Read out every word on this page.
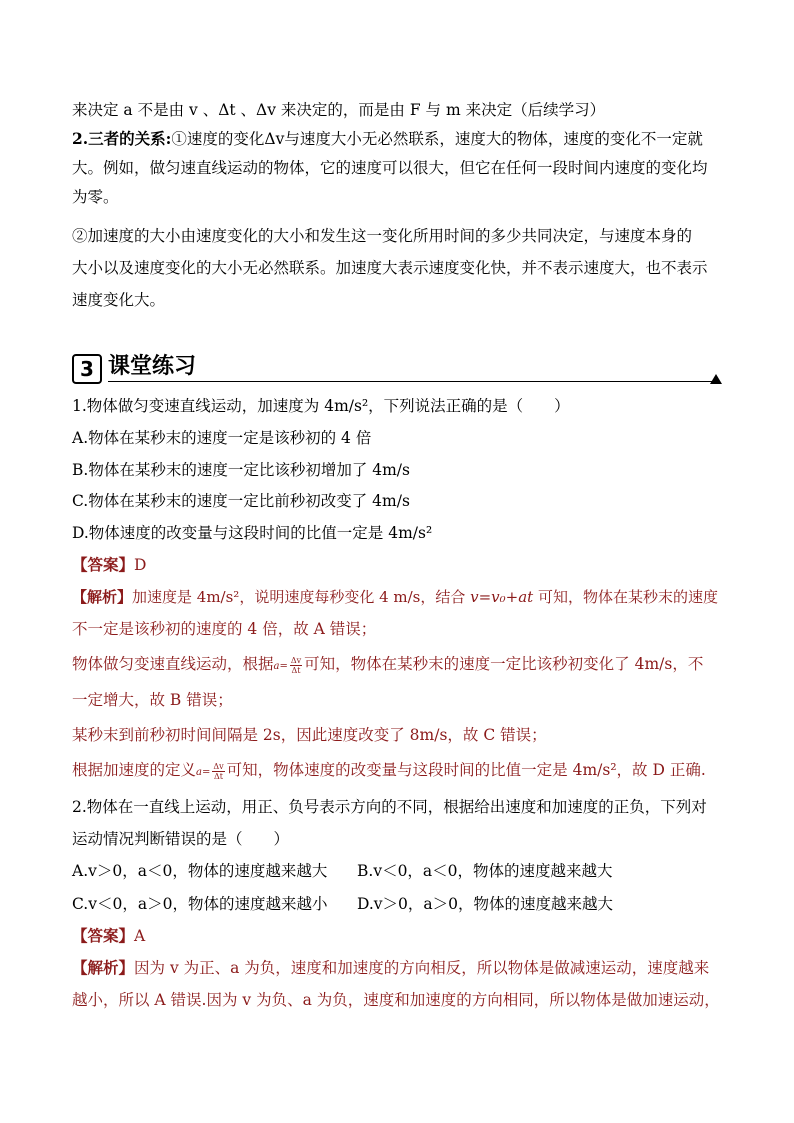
来决定 a 不是由 v 、Δt 、Δv 来决定的，而是由 F 与 m 来决定（后续学习）
2.三者的关系:①速度的变化Δv与速度大小无必然联系，速度大的物体，速度的变化不一定就
大。例如，做匀速直线运动的物体，它的速度可以很大，但它在任何一段时间内速度的变化均
为零。
②加速度的大小由速度变化的大小和发生这一变化所用时间的多少共同决定，与速度本身的
大小以及速度变化的大小无必然联系。加速度大表示速度变化快，并不表示速度大，也不表示
速度变化大。
3 课堂练习
1.物体做匀变速直线运动，加速度为 4m/s²，下列说法正确的是（　　）
A.物体在某秒末的速度一定是该秒初的 4 倍
B.物体在某秒末的速度一定比该秒初增加了 4m/s
C.物体在某秒末的速度一定比前秒初改变了 4m/s
D.物体速度的改变量与这段时间的比值一定是 4m/s²
【答案】D
【解析】加速度是 4m/s²，说明速度每秒变化 4 m/s，结合 v=v₀+at 可知，物体在某秒末的速度
不一定是该秒初的速度的 4 倍，故 A 错误；
物体做匀变速直线运动，根据$a= \frac{\Delta v}{\Delta t}$ 可知，物体在某秒末的速度一定比该秒初变化了 4m/s，不
一定增大，故 B 错误；
某秒末到前秒初时间间隔是 2s，因此速度改变了 8m/s，故 C 错误；
根据加速度的定义$a= \frac{\Delta v}{\Delta t}$ 可知，物体速度的改变量与这段时间的比值一定是 4m/s²，故 D 正确.
2.物体在一直线上运动，用正、负号表示方向的不同，根据给出速度和加速度的正负，下列对
运动情况判断错误的是（　　）
A.v＞0，a＜0，物体的速度越来越大 B.v＜0，a＜0，物体的速度越来越大
C.v＜0，a＞0，物体的速度越来越小 D.v＞0，a＞0，物体的速度越来越大
【答案】A
【解析】因为 v 为正、a 为负，速度和加速度的方向相反，所以物体是做减速运动，速度越来
越小，所以 A 错误.因为 v 为负、a 为负，速度和加速度的方向相同，所以物体是做加速运动，
